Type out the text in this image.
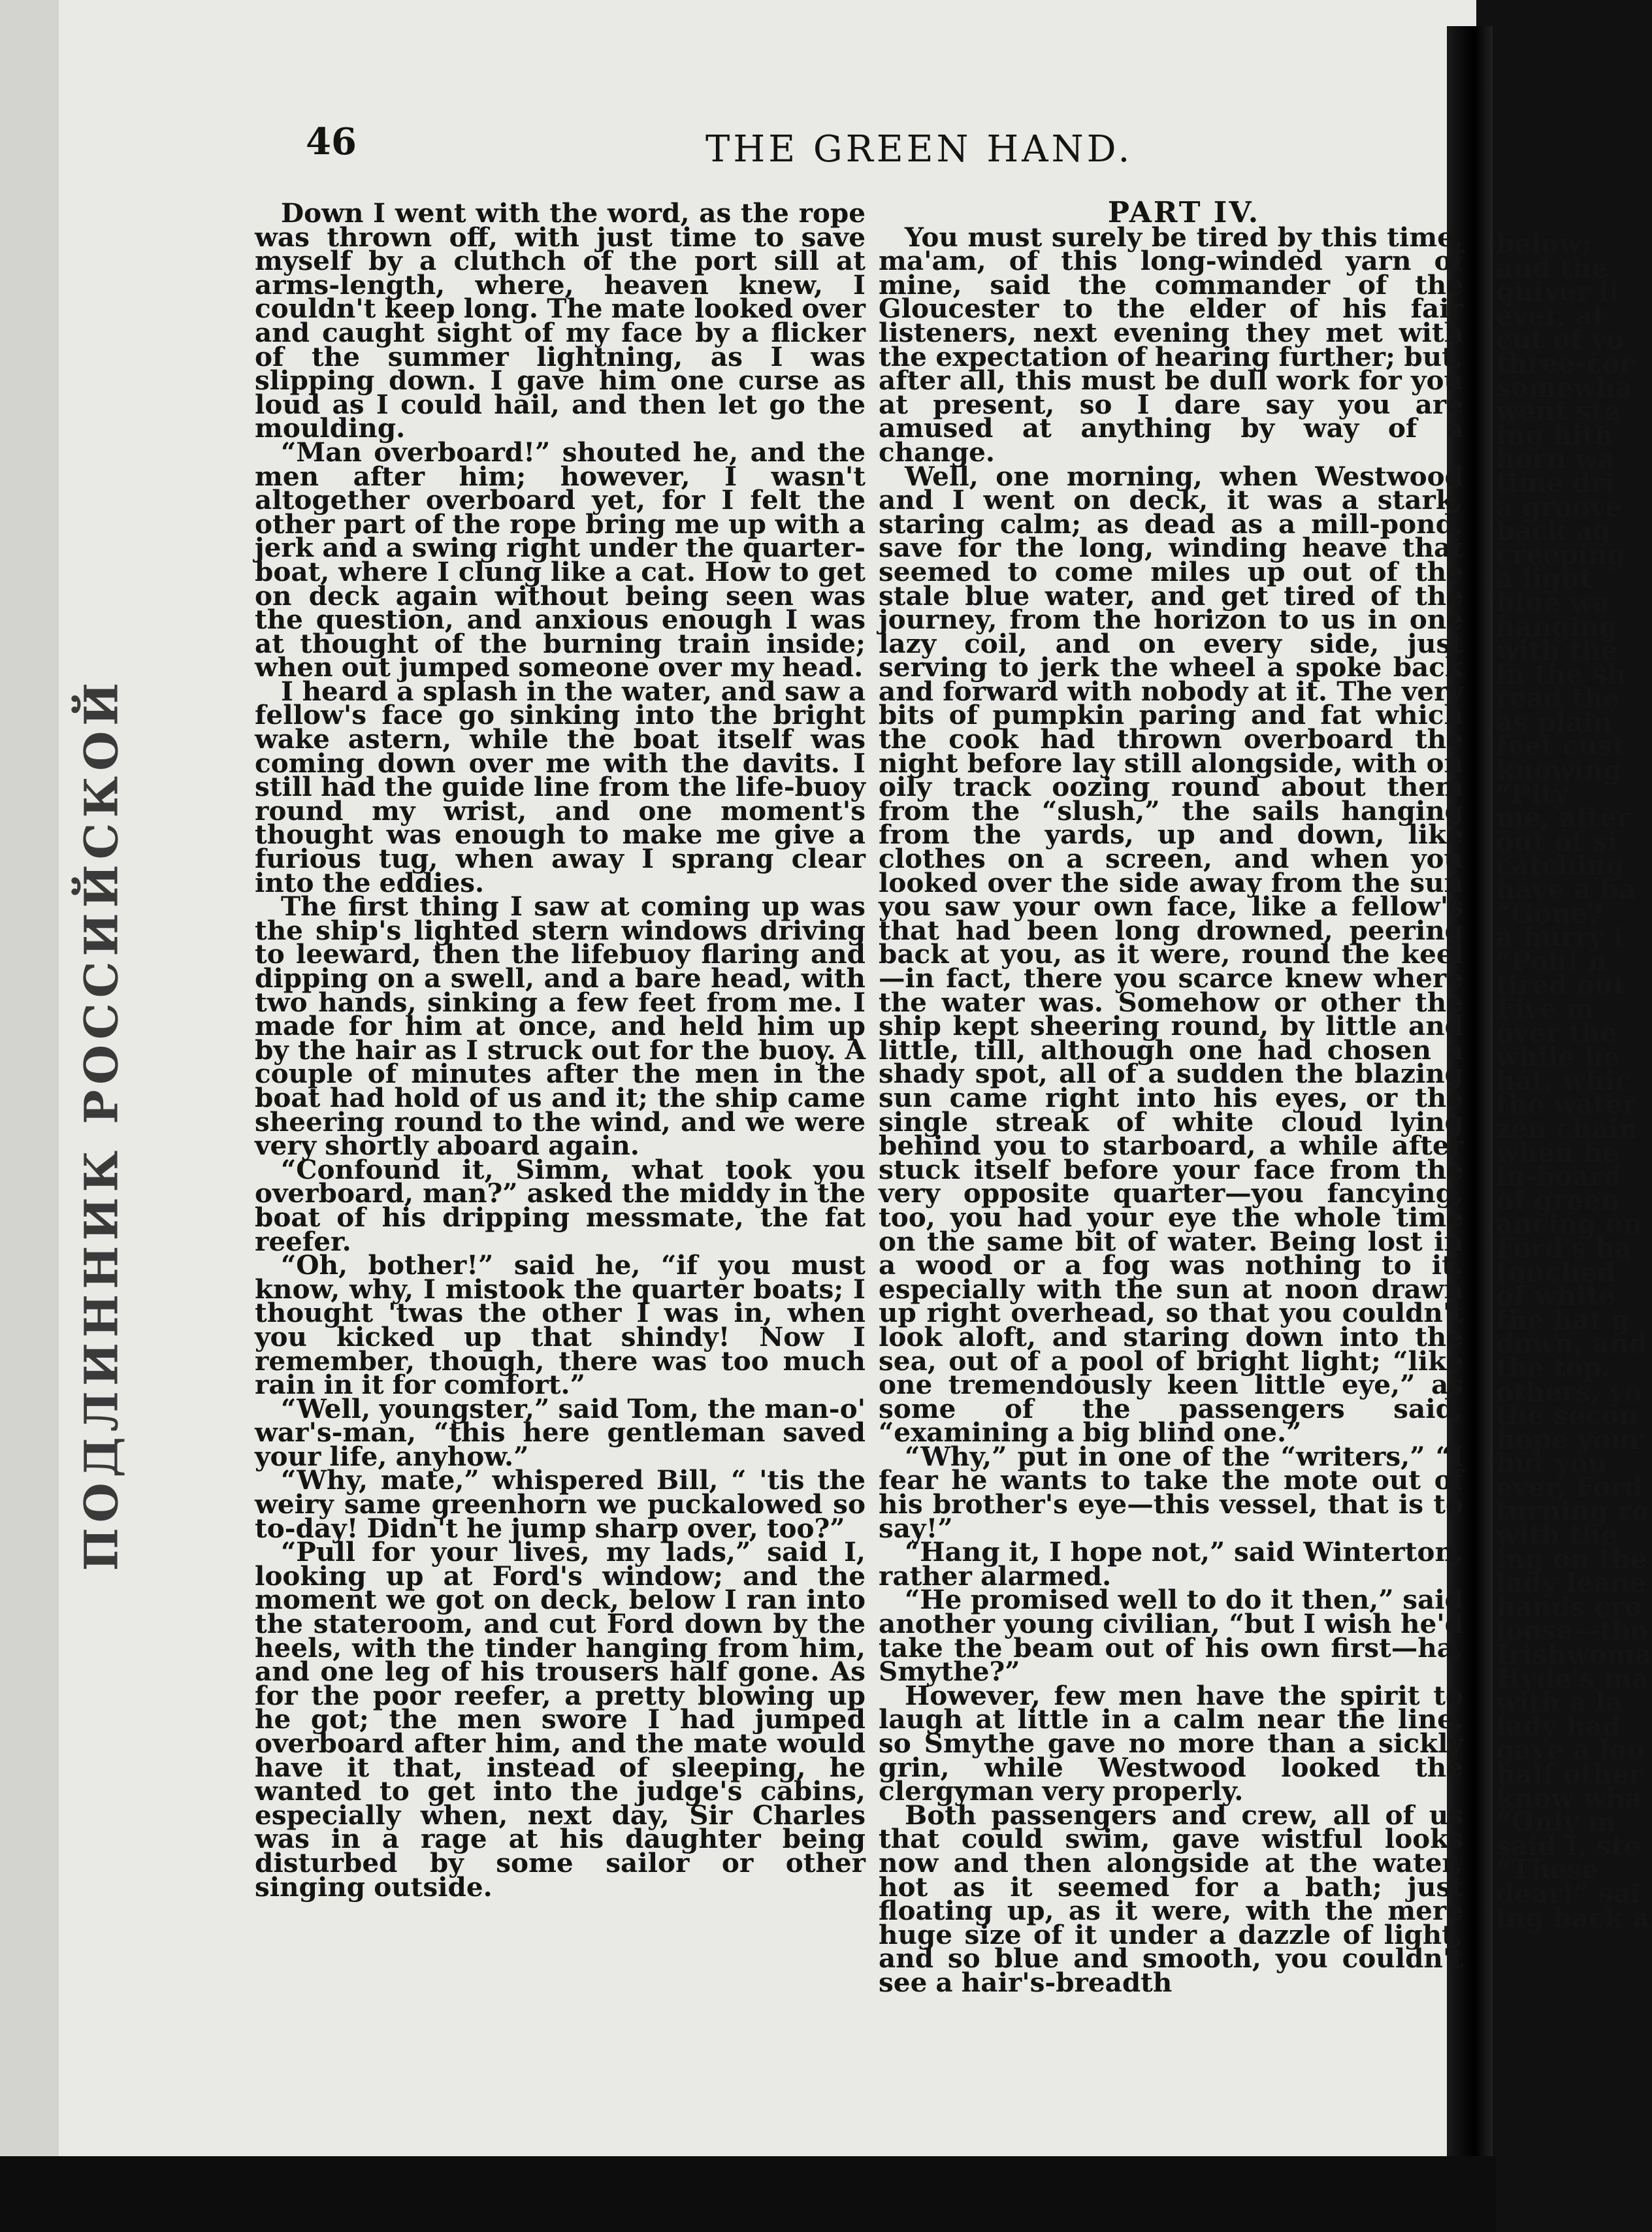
ПОДЛИННИК РОССИЙСКОЙ
46	THE GREEN HAND.

Down I went with the word, as the rope was thrown off, with just time to save myself by a cluthch of the port sill at arms-length, where, heaven knew, I couldn't keep long. The mate looked over and caught sight of my face by a flicker of the summer lightning, as I was slipping down. I gave him one curse as loud as I could hail, and then let go the moulding.

“Man overboard!” shouted he, and the men after him; however, I wasn't altogether overboard yet, for I felt the other part of the rope bring me up with a jerk and a swing right under the quarter-boat, where I clung like a cat. How to get on deck again without being seen was the question, and anxious enough I was at thought of the burning train inside; when out jumped someone over my head.

I heard a splash in the water, and saw a fellow's face go sinking into the bright wake astern, while the boat itself was coming down over me with the davits. I still had the guide line from the life-buoy round my wrist, and one moment's thought was enough to make me give a furious tug, when away I sprang clear into the eddies.

The first thing I saw at coming up was the ship's lighted stern windows driving to leeward, then the lifebuoy flaring and dipping on a swell, and a bare head, with two hands, sinking a few feet from me. I made for him at once, and held him up by the hair as I struck out for the buoy. A couple of minutes after the men in the boat had hold of us and it; the ship came sheering round to the wind, and we were very shortly aboard again.

“Confound it, Simm, what took you overboard, man?” asked the middy in the boat of his dripping messmate, the fat reefer.

“Oh, bother!” said he, “if you must know, why, I mistook the quarter boats; I thought 'twas the other I was in, when you kicked up that shindy! Now I remember, though, there was too much rain in it for comfort.”

“Well, youngster,” said Tom, the man-o' war's-man, “this here gentleman saved your life, anyhow.”

“Why, mate,” whispered Bill, “ 'tis the weiry same greenhorn we puckalowed so to-day! Didn't he jump sharp over, too?”

“Pull for your lives, my lads,” said I, looking up at Ford's window; and the moment we got on deck, below I ran into the stateroom, and cut Ford down by the heels, with the tinder hanging from him, and one leg of his trousers half gone. As for the poor reefer, a pretty blowing up he got; the men swore I had jumped overboard after him, and the mate would have it that, instead of sleeping, he wanted to get into the judge's cabins, especially when, next day, Sir Charles was in a rage at his daughter being disturbed by some sailor or other singing outside.

PART IV.

You must surely be tired by this time, ma'am, of this long-winded yarn of mine, said the commander of the Gloucester to the elder of his fair listeners, next evening they met with the expectation of hearing further; but, after all, this must be dull work for you at present, so I dare say you are amused at anything by way of a change.

Well, one morning, when Westwood and I went on deck, it was a stark, staring calm; as dead as a mill-pond, save for the long, winding heave that seemed to come miles up out of the stale blue water, and get tired of the journey, from the horizon to us in one lazy coil, and on every side, just serving to jerk the wheel a spoke back and forward with nobody at it. The very bits of pumpkin paring and fat which the cook had thrown overboard the night before lay still alongside, with on oily track oozing round about them from the “slush,” the sails hanging from the yards, up and down, like clothes on a screen, and when you looked over the side away from the sun you saw your own face, like a fellow's that had been long drowned, peering back at you, as it were, round the keel—in fact, there you scarce knew where the water was. Somehow or other the ship kept sheering round, by little and little, till, although one had chosen a shady spot, all of a sudden the blazing sun came right into his eyes, or the single streak of white cloud lying behind you to starboard, a while after stuck itself before your face from the very opposite quarter—you fancying, too, you had your eye the whole time on the same bit of water. Being lost in a wood or a fog was nothing to it. especially with the sun at noon drawn up right overhead, so that you couldn't look aloft, and staring down into the sea, out of a pool of bright light; “like one tremendously keen little eye,” as some of the passengers said, “examining a big blind one.”

“Why,” put in one of the “writers,” “I fear he wants to take the mote out of his brother's eye—this vessel, that is to say!”

“Hang it, I hope not,” said Winterton, rather alarmed.

“He promised well to do it then,” said another young civilian, “but I wish he'd take the beam out of his own first—ha, Smythe?”

However, few men have the spirit to laugh at little in a calm near the line, so Smythe gave no more than a sickly grin, while Westwood looked the clergyman very properly.

Both passengers and crew, all of us that could swim, gave wistful looks now and then alongside at the water, hot as it seemed for a bath; just floating up, as it were, with the mere huge size of it under a dazzle of light, and so blue and smooth, you couldn't see a hair's-breadth

below;
and the
quiver li
ever, al
cut of yo
three-cor
somewha
went ste
ing hith
horn wa
time dri
a groove
back ag
creeping
a light
blue wa
hanging
with the
in the sh
read the
as plain
feet cust
knowing
“Pity
me, after
out of si
catching
have a ba
“Gone?
a hurry i
“Poh! n
tired out
Five m
over the
while he
hat, whic
the water
zen chain
when he
in-board
of green
ancing on
Ford's ha
touched
of white
the hat g
down, and
the top.
others, yo
the secon
hope your
but you
ever, Ford
turning ro
with the
ing on the
lady leane
hands cro
loose—tho
Irishwoma
Hyde's ma
with a la
lady had
gave a loo
half other
know wha
“Only m
said I, ste
“These
dear!” sai
ing back a
